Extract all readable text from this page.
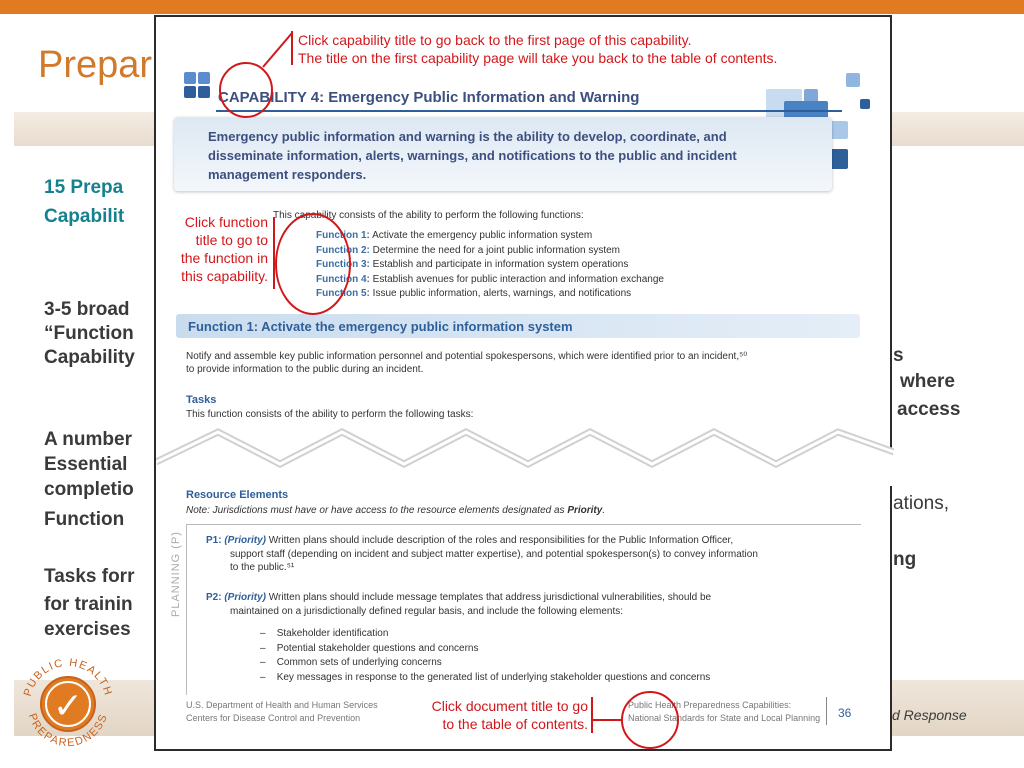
Prepar
15 Prepa
Capabilit
3-5 broad
“Function
Capability
A number
Essential
completio
Function
Tasks forr
for trainin
exercises
s
where
access
ations,
ng
d Response
✓
PUBLIC HEALTH
PREPAREDNESS
CAPABILITY 4: Emergency Public Information and Warning
Emergency public information and warning is the ability to develop, coordinate, and disseminate information, alerts, warnings, and notifications to the public and incident management responders.
This capability consists of the ability to perform the following functions:
Function 1: Activate the emergency public information system
Function 2: Determine the need for a joint public information system
Function 3: Establish and participate in information system operations
Function 4: Establish avenues for public interaction and information exchange
Function 5: Issue public information, alerts, warnings, and notifications
Function 1: Activate the emergency public information system
Notify and assemble key public information personnel and potential spokespersons, which were identified prior to an incident,⁵⁰
to provide information to the public during an incident.
Tasks
This function consists of the ability to perform the following tasks:
Resource Elements
Note: Jurisdictions must have or have access to the resource elements designated as Priority.
PLANNING (P) P1: (Priority) Written plans should include description of the roles and responsibilities for the Public Information Officer,
support staff (depending on incident and subject matter expertise), and potential spokesperson(s) to convey information
to the public.⁵¹
P2: (Priority) Written plans should include message templates that address jurisdictional vulnerabilities, should be
maintained on a jurisdictionally defined regular basis, and include the following elements:
–    Stakeholder identification
–    Potential stakeholder questions and concerns
–    Common sets of underlying concerns
–    Key messages in response to the generated list of underlying stakeholder questions and concerns
U.S. Department of Health and Human Services
Centers for Disease Control and Prevention
Public Health Preparedness Capabilities:
National Standards for State and Local Planning 36
Click capability title to go back to the first page of this capability.
The title on the first capability page will take you back to the table of contents.
Click function
title to go to
the function in
this capability.
Click document title to go
to the table of contents.
